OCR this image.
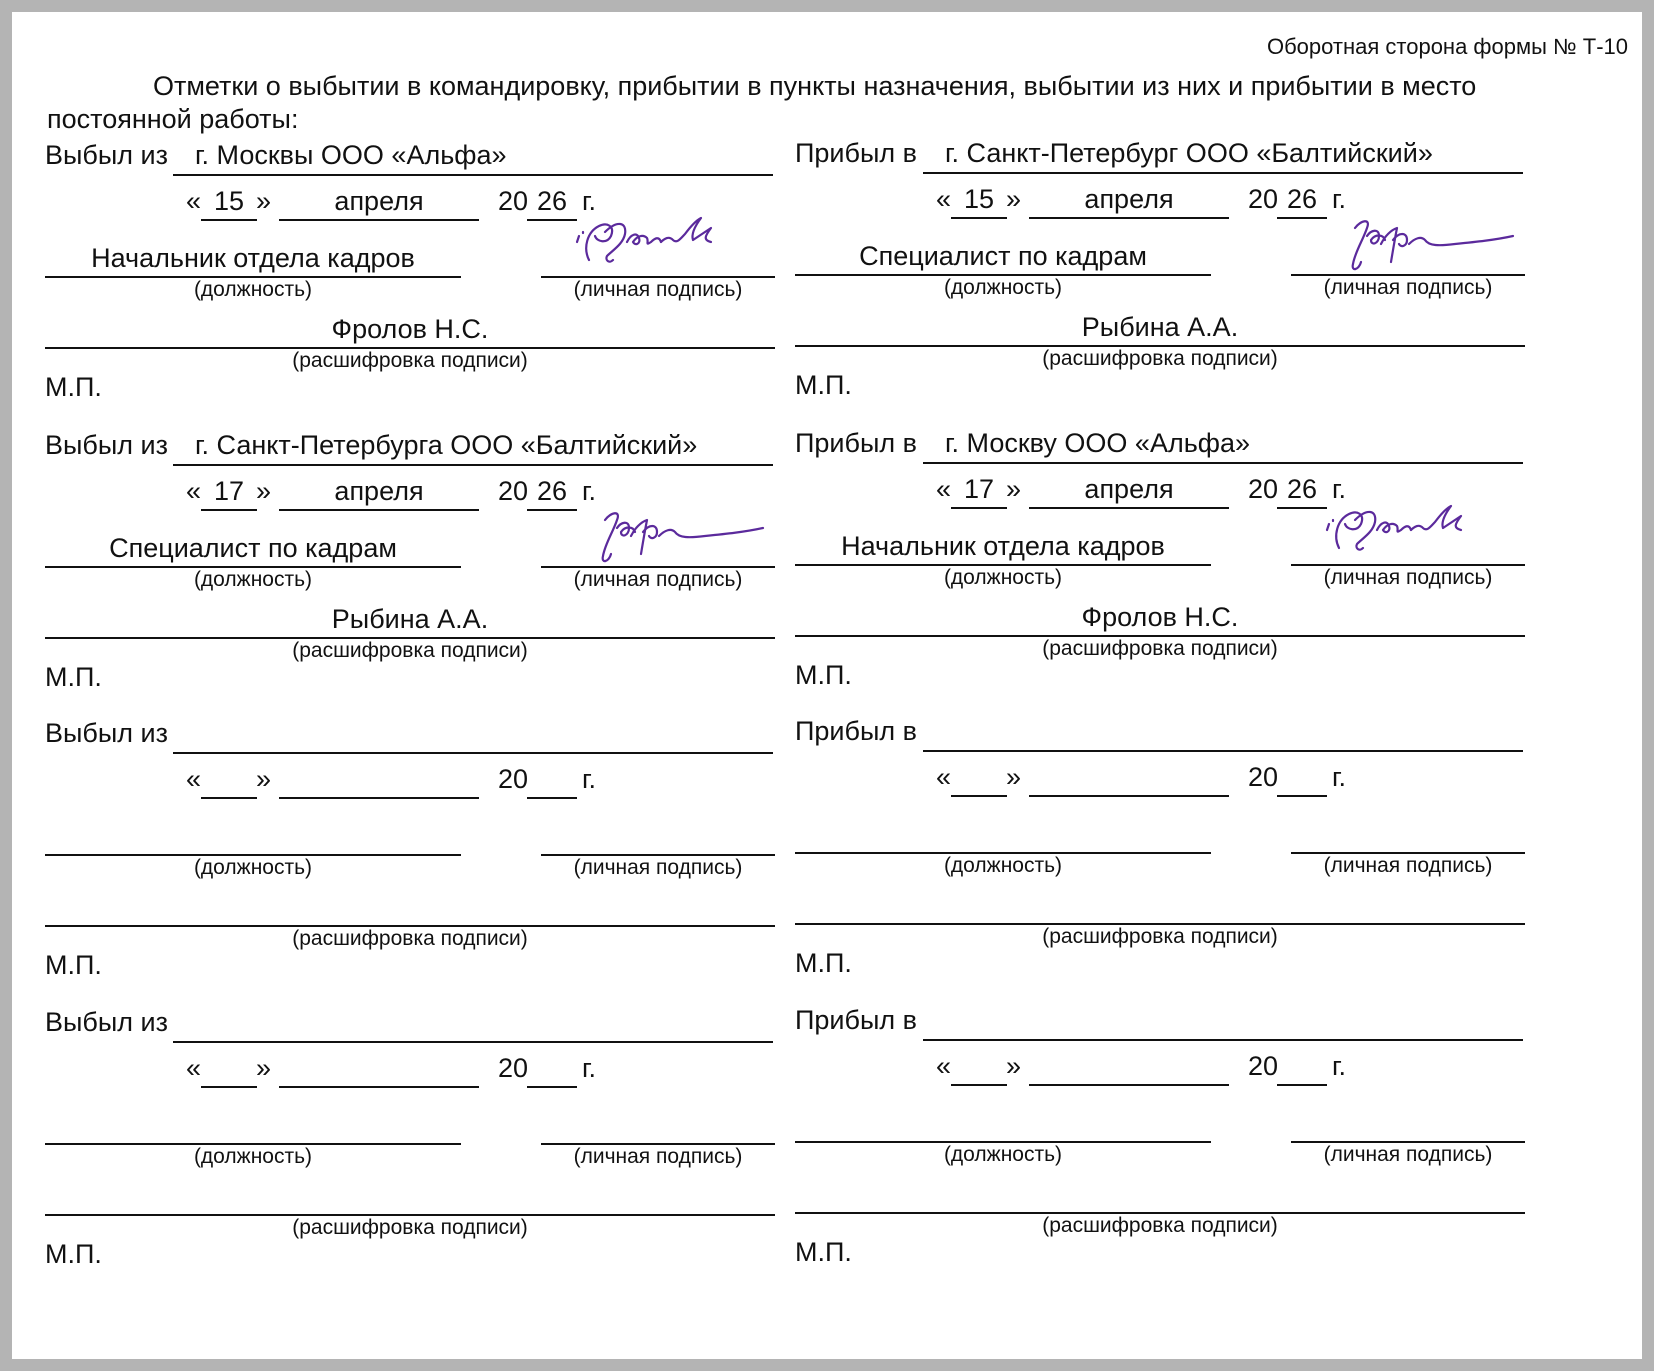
Оборотная сторона формы № Т-10
Отметки о выбытии в командировку, прибытии в пункты назначения, выбытии из них и прибытии в место
постоянной работы:
Выбыл из г. Москвы ООО «Альфа»
« 15 »	апреля	20 26 г.
Начальник отдела кадров
(должность)	(личная подпись)
Фролов Н.С.
(расшифровка подписи)
М.П.
Прибыл в г. Санкт-Петербург ООО «Балтийский»
« 15 »	апреля	20 26 г.
Специалист по кадрам
(должность)	(личная подпись)
Рыбина А.А.
(расшифровка подписи)
М.П.
Выбыл из г. Санкт-Петербурга ООО «Балтийский»
« 17 »	апреля	20 26 г.
Специалист по кадрам
(должность)	(личная подпись)
Рыбина А.А.
(расшифровка подписи)
М.П.
Прибыл в г. Москву ООО «Альфа»
« 17 »	апреля	20 26 г.
Начальник отдела кадров
(должность)	(личная подпись)
Фролов Н.С.
(расшифровка подписи)
М.П.
Выбыл из
« »	20 г.
(должность)	(личная подпись)
(расшифровка подписи)
М.П.
Прибыл в
« »	20 г.
(должность)	(личная подпись)
(расшифровка подписи)
М.П.
Выбыл из
« »	20 г.
(должность)	(личная подпись)
(расшифровка подписи)
М.П.
Прибыл в
« »	20 г.
(должность)	(личная подпись)
(расшифровка подписи)
М.П.
